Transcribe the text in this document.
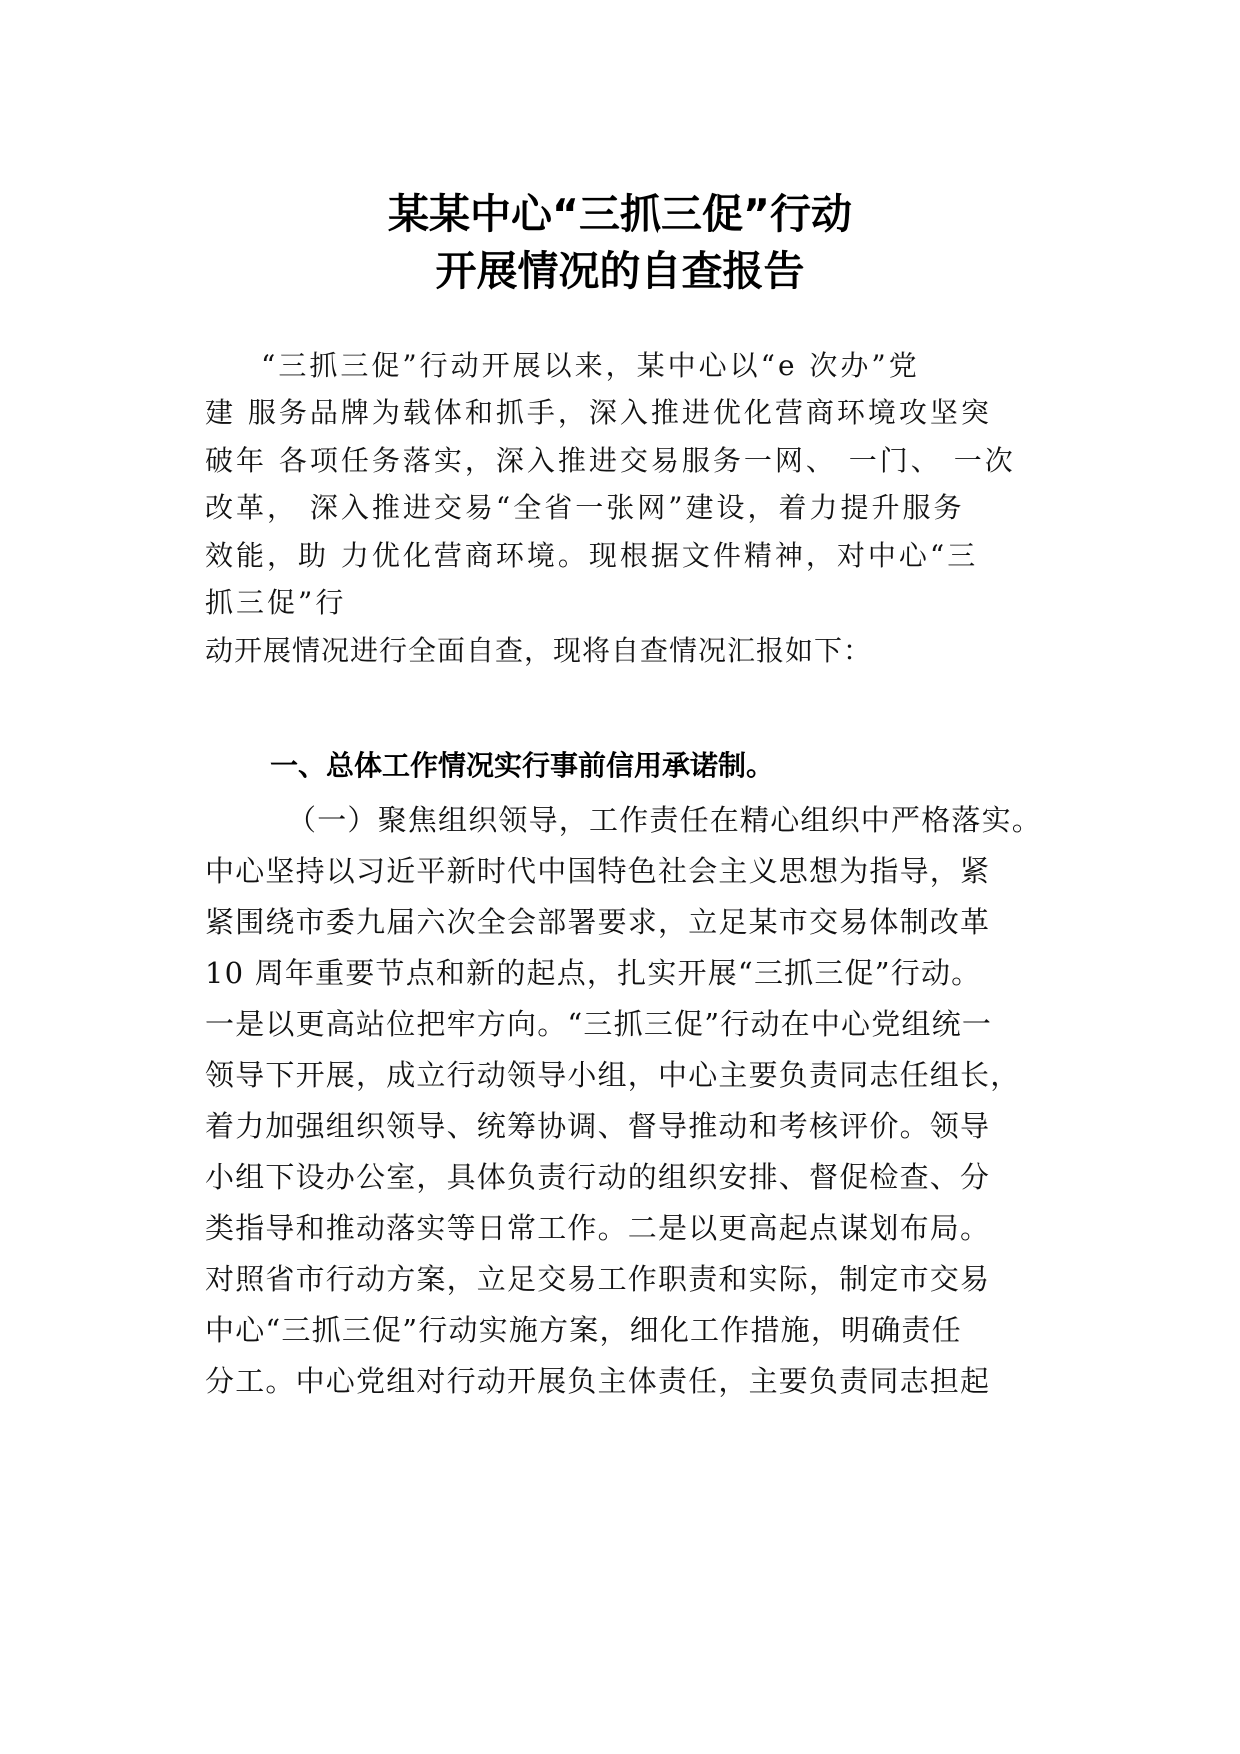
某某中心“三抓三促”行动
开展情况的自查报告
“三抓三促”行动开展以来，某中心以“e 次办”党
建 服务品牌为载体和抓手，深入推进优化营商环境攻坚突
破年 各项任务落实，深入推进交易服务一网、 一门、 一次
改革， 深入推进交易“全省一张网”建设，着力提升服务
效能，助 力优化营商环境。现根据文件精神，对中心“三
抓三促”行
动开展情况进行全面自查，现将自查情况汇报如下：
一、总体工作情况实行事前信用承诺制。
（一）聚焦组织领导，工作责任在精心组织中严格落实。
中心坚持以习近平新时代中国特色社会主义思想为指导，紧
紧围绕市委九届六次全会部署要求，立足某市交易体制改革
10 周年重要节点和新的起点，扎实开展“三抓三促”行动。
一是以更高站位把牢方向。“三抓三促”行动在中心党组统一
领导下开展，成立行动领导小组，中心主要负责同志任组长，
着力加强组织领导、统筹协调、督导推动和考核评价。领导
小组下设办公室，具体负责行动的组织安排、督促检查、分
类指导和推动落实等日常工作。二是以更高起点谋划布局。
对照省市行动方案，立足交易工作职责和实际，制定市交易
中心“三抓三促”行动实施方案，细化工作措施，明确责任
分工。中心党组对行动开展负主体责任，主要负责同志担起
